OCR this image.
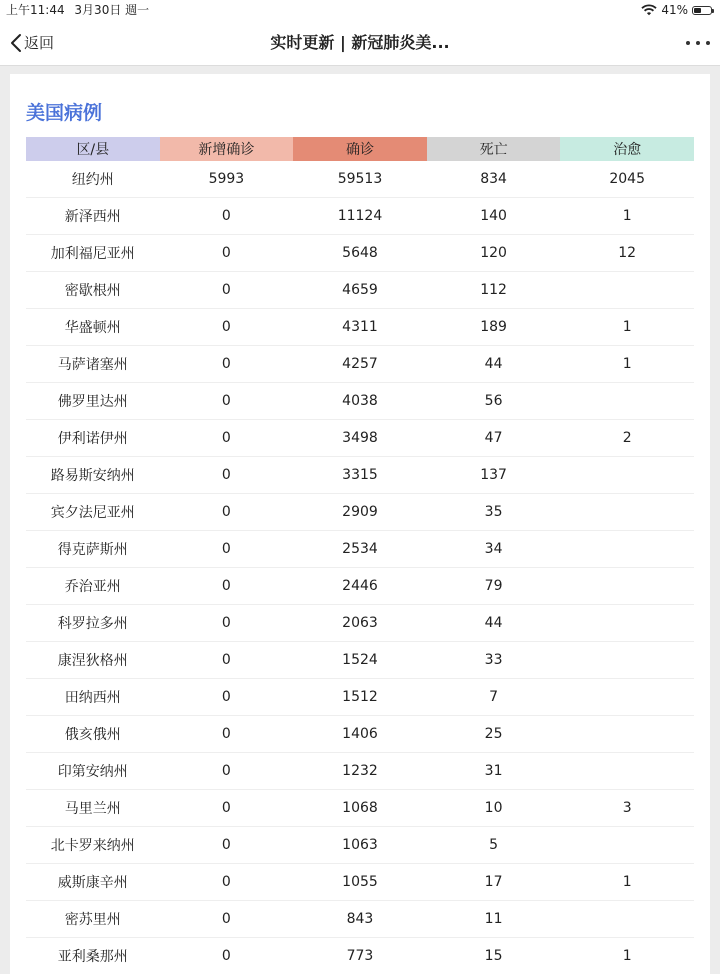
上午11:44 3月30日 週一	41%
返回	实时更新 | 新冠肺炎美...
美国病例
区/县	新增确诊	确诊	死亡	治愈
纽约州	5993	59513	834	2045
新泽西州	0	11124	140	1
加利福尼亚州	0	5648	120	12
密歇根州	0	4659	112	
华盛顿州	0	4311	189	1
马萨诸塞州	0	4257	44	1
佛罗里达州	0	4038	56	
伊利诺伊州	0	3498	47	2
路易斯安纳州	0	3315	137	
宾夕法尼亚州	0	2909	35	
得克萨斯州	0	2534	34	
乔治亚州	0	2446	79	
科罗拉多州	0	2063	44	
康涅狄格州	0	1524	33	
田纳西州	0	1512	7	
俄亥俄州	0	1406	25	
印第安纳州	0	1232	31	
马里兰州	0	1068	10	3
北卡罗来纳州	0	1063	5	
威斯康辛州	0	1055	17	1
密苏里州	0	843	11	
亚利桑那州	0	773	15	1
